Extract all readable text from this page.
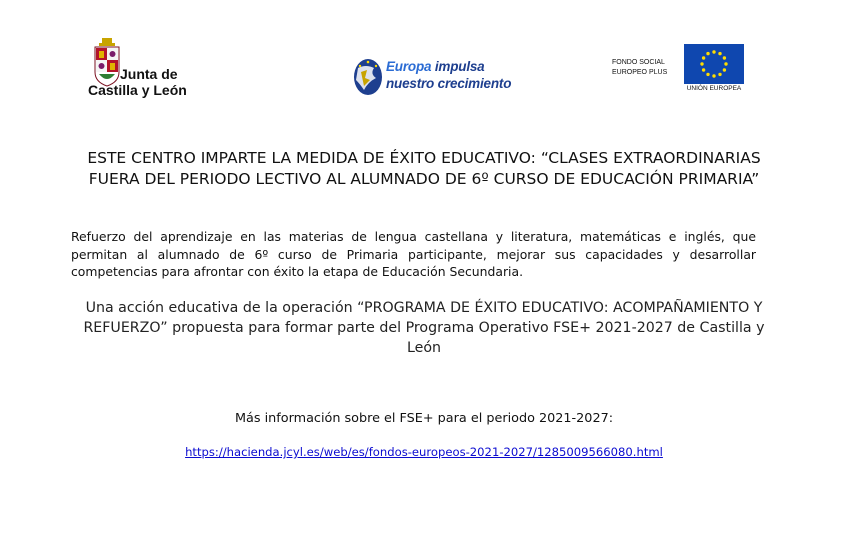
Junta de
Castilla y León
Europa impulsa
nuestro crecimiento
FONDO SOCIAL
EUROPEO PLUS
UNIÓN EUROPEA
ESTE CENTRO IMPARTE LA MEDIDA DE ÉXITO EDUCATIVO: “CLASES EXTRAORDINARIAS FUERA DEL PERIODO LECTIVO AL ALUMNADO DE 6º CURSO DE EDUCACIÓN PRIMARIA”
Refuerzo del aprendizaje en las materias de lengua castellana y literatura, matemáticas e inglés, que permitan al alumnado de 6º curso de Primaria participante, mejorar sus capacidades y desarrollar competencias para afrontar con éxito la etapa de Educación Secundaria.
Una acción educativa de la operación “PROGRAMA DE ÉXITO EDUCATIVO: ACOMPAÑAMIENTO Y REFUERZO” propuesta para formar parte del Programa Operativo FSE+ 2021-2027 de Castilla y León
Más información sobre el FSE+ para el periodo 2021-2027:
https://hacienda.jcyl.es/web/es/fondos-europeos-2021-2027/1285009566080.html
